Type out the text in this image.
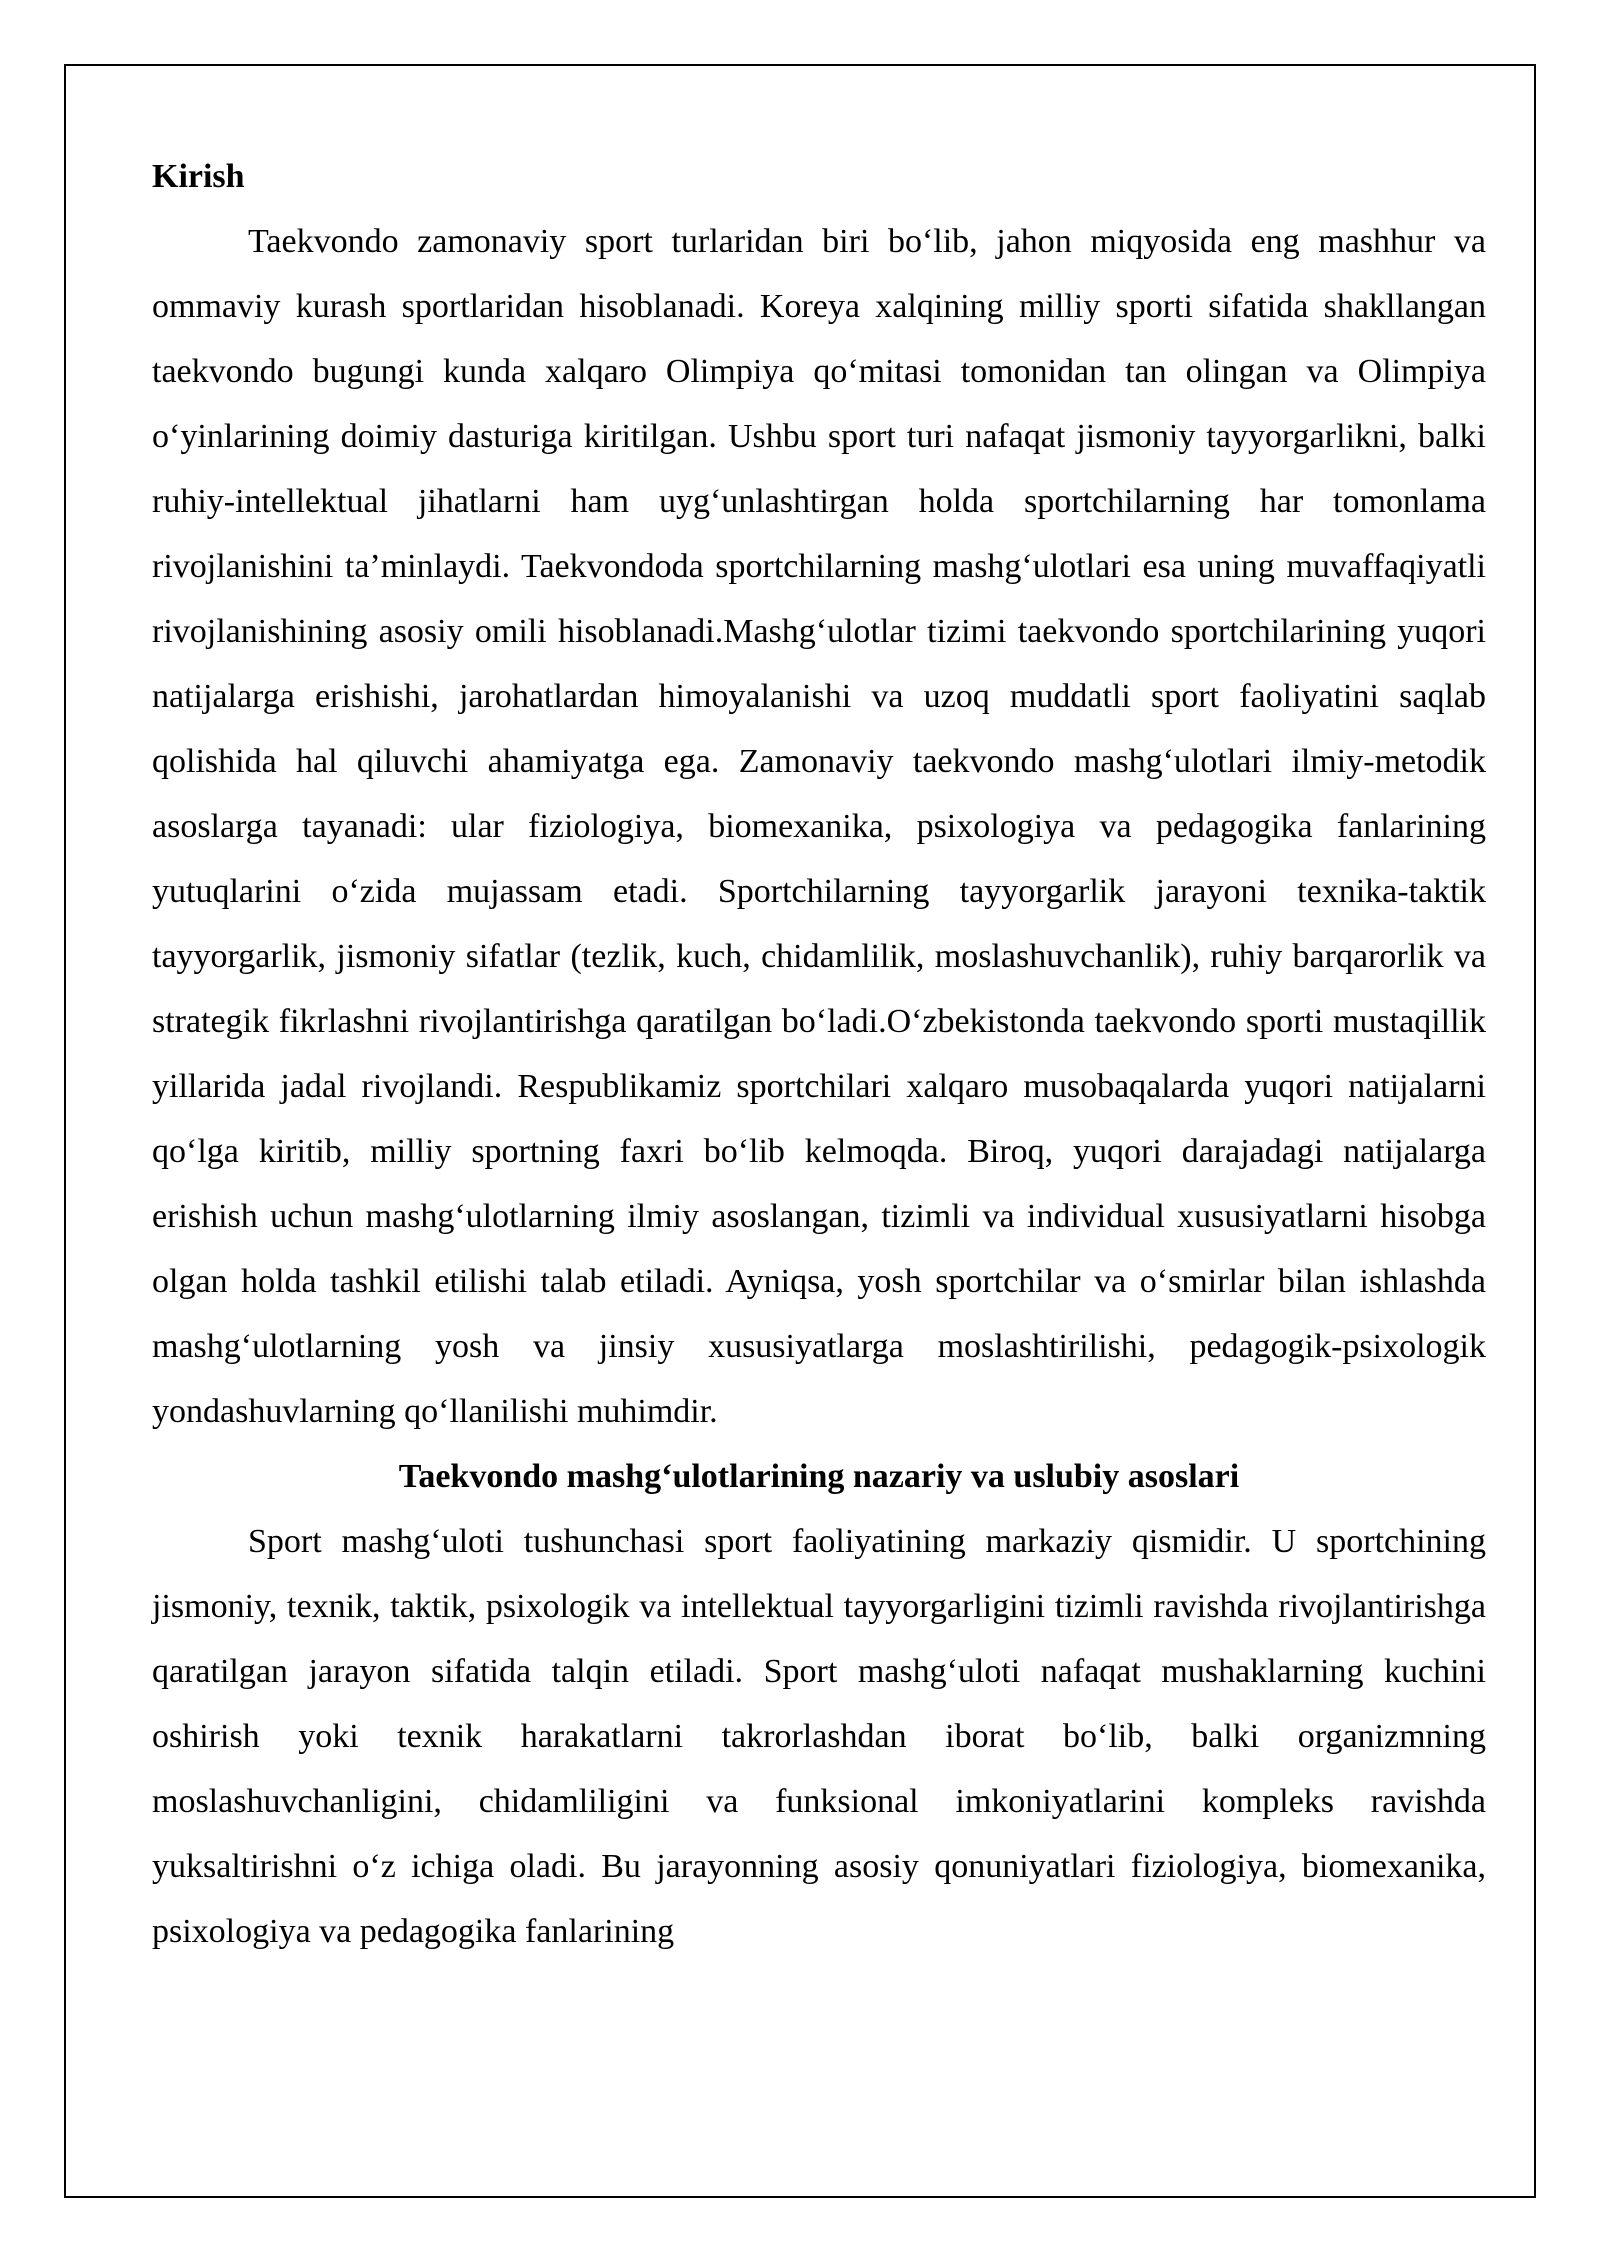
Kirish

Taekvondo zamonaviy sport turlaridan biri bo‘lib, jahon miqyosida eng mashhur va ommaviy kurash sportlaridan hisoblanadi. Koreya xalqining milliy sporti sifatida shakllangan taekvondo bugungi kunda xalqaro Olimpiya qo‘mitasi tomonidan tan olingan va Olimpiya o‘yinlarining doimiy dasturiga kiritilgan. Ushbu sport turi nafaqat jismoniy tayyorgarlikni, balki ruhiy-intellektual jihatlarni ham uyg‘unlashtirgan holda sportchilarning har tomonlama rivojlanishini ta’minlaydi. Taekvondoda sportchilarning mashg‘ulotlari esa uning muvaffaqiyatli rivojlanishining asosiy omili hisoblanadi.Mashg‘ulotlar tizimi taekvondo sportchilarining yuqori natijalarga erishishi, jarohatlardan himoyalanishi va uzoq muddatli sport faoliyatini saqlab qolishida hal qiluvchi ahamiyatga ega. Zamonaviy taekvondo mashg‘ulotlari ilmiy-metodik asoslarga tayanadi: ular fiziologiya, biomexanika, psixologiya va pedagogika fanlarining yutuqlarini o‘zida mujassam etadi. Sportchilarning tayyorgarlik jarayoni texnika-taktik tayyorgarlik, jismoniy sifatlar (tezlik, kuch, chidamlilik, moslashuvchanlik), ruhiy barqarorlik va strategik fikrlashni rivojlantirishga qaratilgan bo‘ladi.O‘zbekistonda taekvondo sporti mustaqillik yillarida jadal rivojlandi. Respublikamiz sportchilari xalqaro musobaqalarda yuqori natijalarni qo‘lga kiritib, milliy sportning faxri bo‘lib kelmoqda. Biroq, yuqori darajadagi natijalarga erishish uchun mashg‘ulotlarning ilmiy asoslangan, tizimli va individual xususiyatlarni hisobga olgan holda tashkil etilishi talab etiladi. Ayniqsa, yosh sportchilar va o‘smirlar bilan ishlashda mashg‘ulotlarning yosh va jinsiy xususiyatlarga moslashtirilishi, pedagogik-psixologik yondashuvlarning qo‘llanilishi muhimdir.

Taekvondo mashg‘ulotlarining nazariy va uslubiy asoslari

Sport mashg‘uloti tushunchasi sport faoliyatining markaziy qismidir. U sportchining jismoniy, texnik, taktik, psixologik va intellektual tayyorgarligini tizimli ravishda rivojlantirishga qaratilgan jarayon sifatida talqin etiladi. Sport mashg‘uloti nafaqat mushaklarning kuchini oshirish yoki texnik harakatlarni takrorlashdan iborat bo‘lib, balki organizmning moslashuvchanligini, chidamliligini va funksional imkoniyatlarini kompleks ravishda yuksaltirishni o‘z ichiga oladi. Bu jarayonning asosiy qonuniyatlari fiziologiya, biomexanika, psixologiya va pedagogika fanlarining
